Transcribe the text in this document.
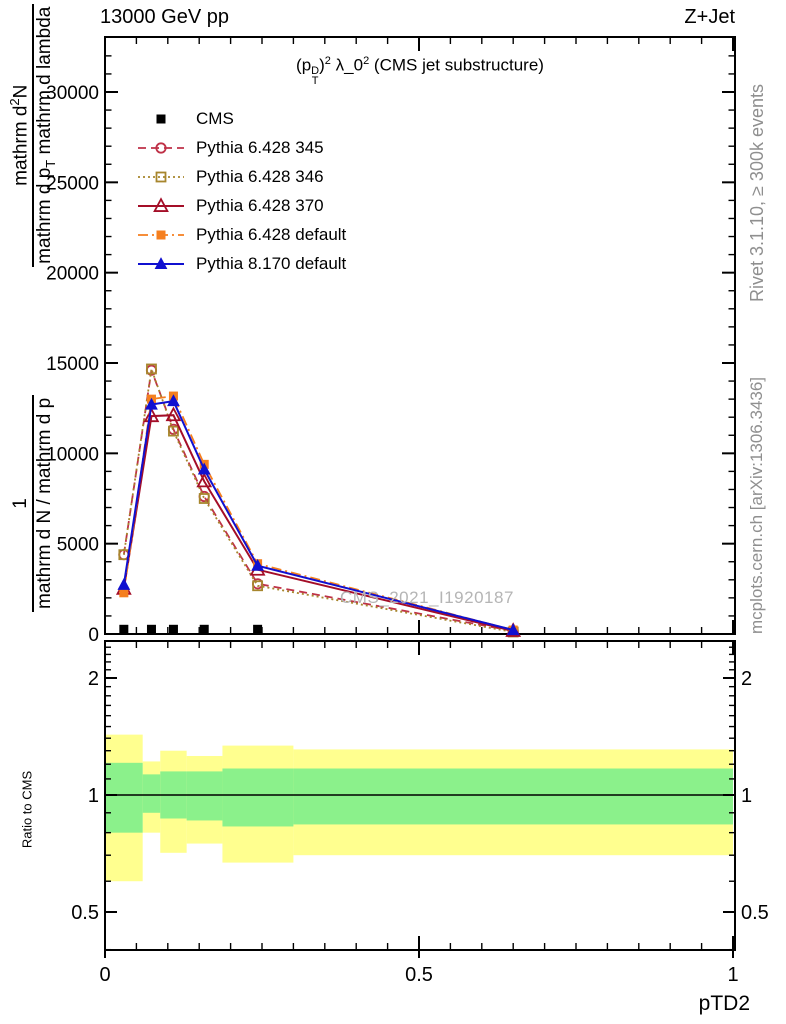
0
5000
10000
15000
20000
25000
30000
2	2
1	1
0.5	0.5
0	0.5	1
13000 GeV pp	Z+Jet
(p D
T
)$^2$ $\lambda\_0^2$ (CMS jet substructure)
CMS
Pythia 6.428 345
Pythia 6.428 346
Pythia 6.428 370
Pythia 6.428 default
Pythia 8.170 default
1 mathrm d N / mathrm d p
mathrm $d^2N$
mathrm d $p_T$ mathrm d lambda
Ratio to CMS
CMS_2021_I1920187
Rivet 3.1.10, ≥ 300k events
mcplots.cern.ch [arXiv:1306.3436]
pTD2
